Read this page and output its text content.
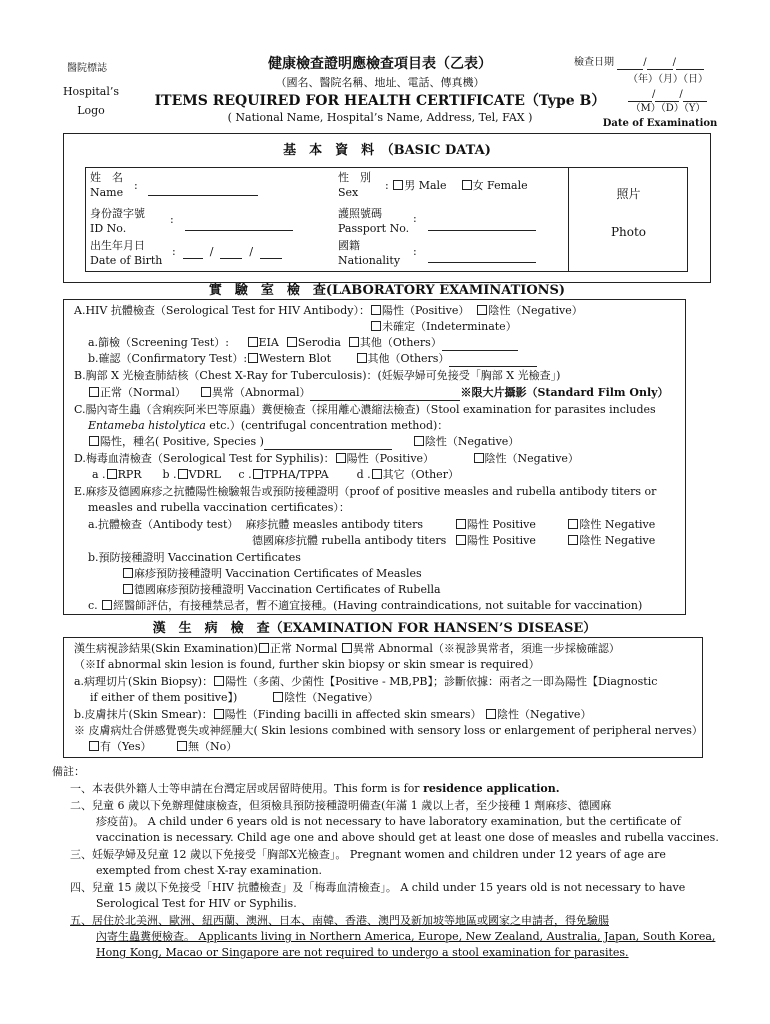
醫院標誌
Hospital’s
Logo
健康檢查證明應檢查項目表（乙表）
（國名、醫院名稱、地址、電話、傳真機）
ITEMS REQUIRED FOR HEALTH CERTIFICATE（Type B）
( National Name, Hospital’s Name, Address, Tel, FAX )
檢查日期	/	/
（年）（月）（日）
/ /
（M）（D）（Y）
Date of Examination
基　本　資　料　（BASIC DATA)
姓　名
Name
:
身份證字號
ID No.
:
出生年月日
Date of Birth
:    /    /
性　別
Sex
: 男 Male 女 Female
護照號碼
Passport No.
:
國籍
Nationality
:
照片
Photo
實　驗　室　檢　查(LABORATORY EXAMINATIONS)
A.HIV 抗體檢查（Serological Test for HIV Antibody）： 陽性（Positive） 陰性（Negative）
未確定（Indeterminate）
a.篩檢（Screening Test）:	EIA Serodia 其他（Others）
b.確認（Confirmatory Test）: Western Blot	其他（Others）
B.胸部 X 光檢查肺結核（Chest Ⅹ-Ray for Tuberculosis)：(妊娠孕婦可免接受「胸部 X 光檢查」)
正常（Normal） 異常（Abnormal）	※限大片攝影（Standard Film Only）
C.腸內寄生蟲（含痢疾阿米巴等原蟲）糞便檢查（採用離心濃縮法檢查)（Stool examination for parasites includes
Entameba histolytica etc.）(centrifugal concentration method)：
陽性，種名( Positive, Species )	陰性（Negative）
D.梅毒血清檢查（Serological Test for Syphilis)： 陽性（Positive）	陰性（Negative）
a . RPR b . VDRL c . TPHA/TPPA	d . 其它（Other）
E.麻疹及德國麻疹之抗體陽性檢驗報告或預防接種證明（proof of positive measles and rubella antibody titers or
measles and rubella vaccination certificates）：
a.抗體檢查（Antibody test） 麻疹抗體 measles antibody titers	陽性 Positive	陰性 Negative
德國麻疹抗體 rubella antibody titers	陽性 Positive	陰性 Negative
b.預防接種證明 Vaccination Certificates
麻疹預防接種證明 Vaccination Certificates of Measles
德國麻疹預防接種證明 Vaccination Certificates of Rubella
c. 經醫師評估，有接種禁忌者，暫不適宜接種。(Having contraindications, not suitable for vaccination)
漢　生　病　檢　查（EXAMINATION FOR HANSEN’S DISEASE）
漢生病視診結果(Skin Examination) 正常 Normal 異常 Abnormal（※視診異常者，須進一步採檢確認）
（※If abnormal skin lesion is found, further skin biopsy or skin smear is required）
a.病理切片(Skin Biopsy)： 陽性（多菌、少菌性【Positive - MB,PB】；診斷依據：兩者之一即為陽性【Diagnostic
if either of them positive】)	陰性（Negative）
b.皮膚抹片(Skin Smear)： 陽性（Finding bacilli in affected skin smears） 陰性（Negative）
※ 皮膚病灶合併感覺喪失或神經腫大( Skin lesions combined with sensory loss or enlargement of peripheral nerves）
有（Yes）	無（No）
備註：
一、本表供外籍人士等申請在台灣定居或居留時使用。This form is for residence application.
二、兒童 6 歲以下免辦理健康檢查，但須檢具預防接種證明備查(年滿 1 歲以上者，至少接種 1 劑麻疹、德國麻
疹疫苗)。 A child under 6 years old is not necessary to have laboratory examination, but the certificate of
vaccination is necessary. Child age one and above should get at least one dose of measles and rubella vaccines.
三、妊娠孕婦及兒童 12 歲以下免接受「胸部X光檢查」。 Pregnant women and children under 12 years of age are
exempted from chest X-ray examination.
四、兒童 15 歲以下免接受「HIV 抗體檢查」及「梅毒血清檢查」。 A child under 15 years old is not necessary to have
Serological Test for HIV or Syphilis.
五、居住於北美洲、歐洲、紐西蘭、澳洲、日本、南韓、香港、澳門及新加坡等地區或國家之申請者，得免驗腸
內寄生蟲糞便檢查。 Applicants living in Northern America, Europe, New Zealand, Australia, Japan, South Korea,
Hong Kong, Macao or Singapore are not required to undergo a stool examination for parasites.
